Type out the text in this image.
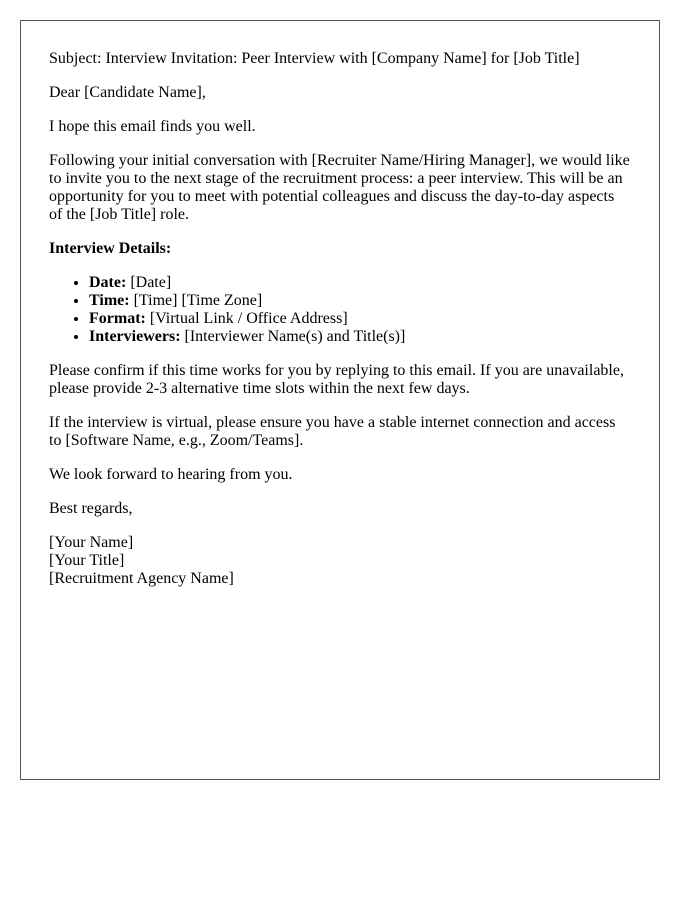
Subject: Interview Invitation: Peer Interview with [Company Name] for [Job Title]

Dear [Candidate Name],

I hope this email finds you well.

Following your initial conversation with [Recruiter Name/Hiring Manager], we would like to invite you to the next stage of the recruitment process: a peer interview. This will be an opportunity for you to meet with potential colleagues and discuss the day-to-day aspects of the [Job Title] role.

Interview Details:

• Date: [Date]
• Time: [Time] [Time Zone]
• Format: [Virtual Link / Office Address]
• Interviewers: [Interviewer Name(s) and Title(s)]

Please confirm if this time works for you by replying to this email. If you are unavailable, please provide 2-3 alternative time slots within the next few days.

If the interview is virtual, please ensure you have a stable internet connection and access to [Software Name, e.g., Zoom/Teams].

We look forward to hearing from you.

Best regards,

[Your Name]
[Your Title]
[Recruitment Agency Name]
